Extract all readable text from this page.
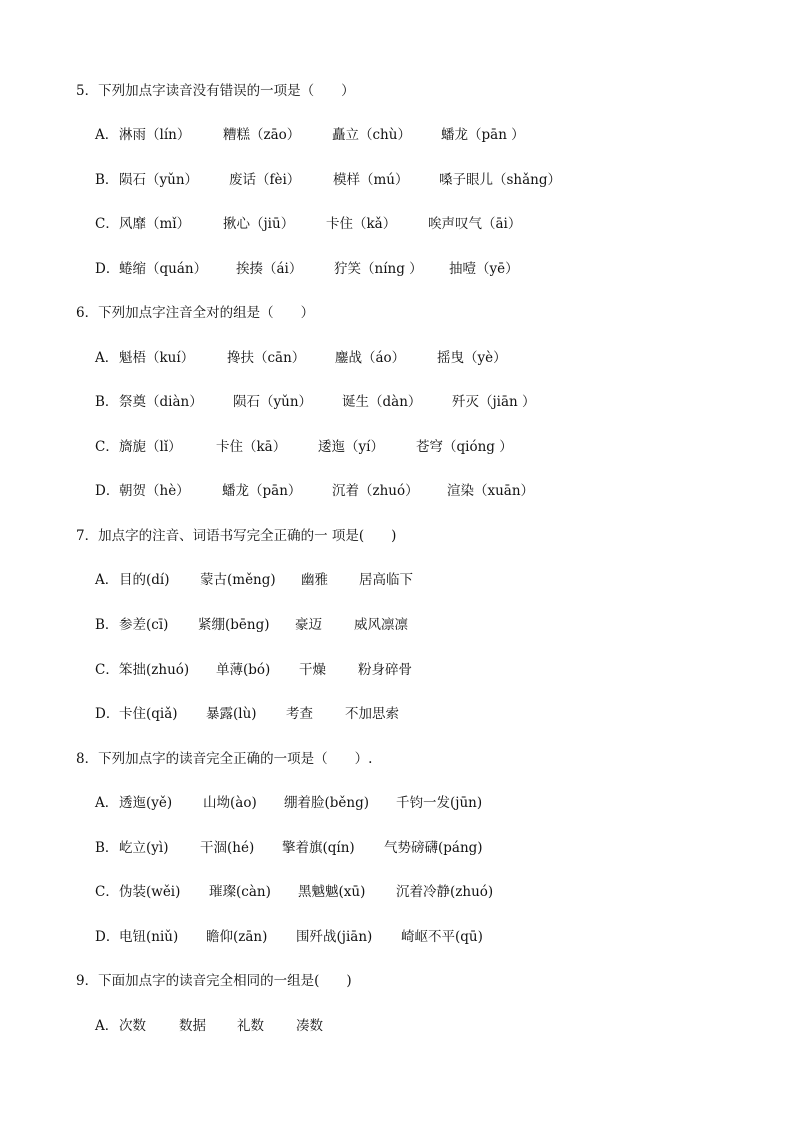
5．下列加点字读音没有错误的一项是（　　）
A． 淋雨（lín） 糟糕（zāo） 矗立（chù） 蟠龙（pān ）
B． 陨石（yǔn） 废话（fèi） 模样（mú） 嗓子眼儿（shǎng）
C． 风靡（mǐ） 揪心（jiū） 卡住（kǎ） 唉声叹气（āi）
D． 蜷缩（quán） 挨揍（ái） 狞笑（níng ） 抽噎（yē）
6．下列加点字注音全对的组是（　　）
A． 魁梧（kuí） 搀扶（cān） 鏖战（áo） 摇曳（yè）
B． 祭奠（diàn） 陨石（yǔn） 诞生（dàn） 歼灭（jiān ）
C． 旖旎（lǐ）	卡住（kā） 逶迤（yí） 苍穹（qióng ）
D． 朝贺（hè） 蟠龙（pān） 沉着（zhuó） 渲染（xuān）
7．加点字的注音、词语书写完全正确的一 项是(　　)
A． 目的(dí) 蒙古(měng) 幽雅 居高临下
B． 参差(cī) 紧绷(bēng) 豪迈 威风凛凛
C． 笨拙(zhuó) 单薄(bó) 干燥 粉身碎骨
D． 卡住(qiǎ) 暴露(lù) 考查 不加思索
8．下列加点字的读音完全正确的一项是（　　）.
A． 透迤(yě) 山坳(ào) 绷着脸(běng) 千钧一发(jūn)
B． 屹立(yì) 干涸(hé) 擎着旗(qín) 气势磅礴(páng)
C． 伪装(wěi) 璀璨(càn) 黑魆魆(xū) 沉着冷静(zhuó)
D． 电钮(niǔ) 瞻仰(zān) 围歼战(jiān) 崎岖不平(qū)
9．下面加点字的读音完全相同的一组是(　　)
A． 次数 数据 礼数 凑数
